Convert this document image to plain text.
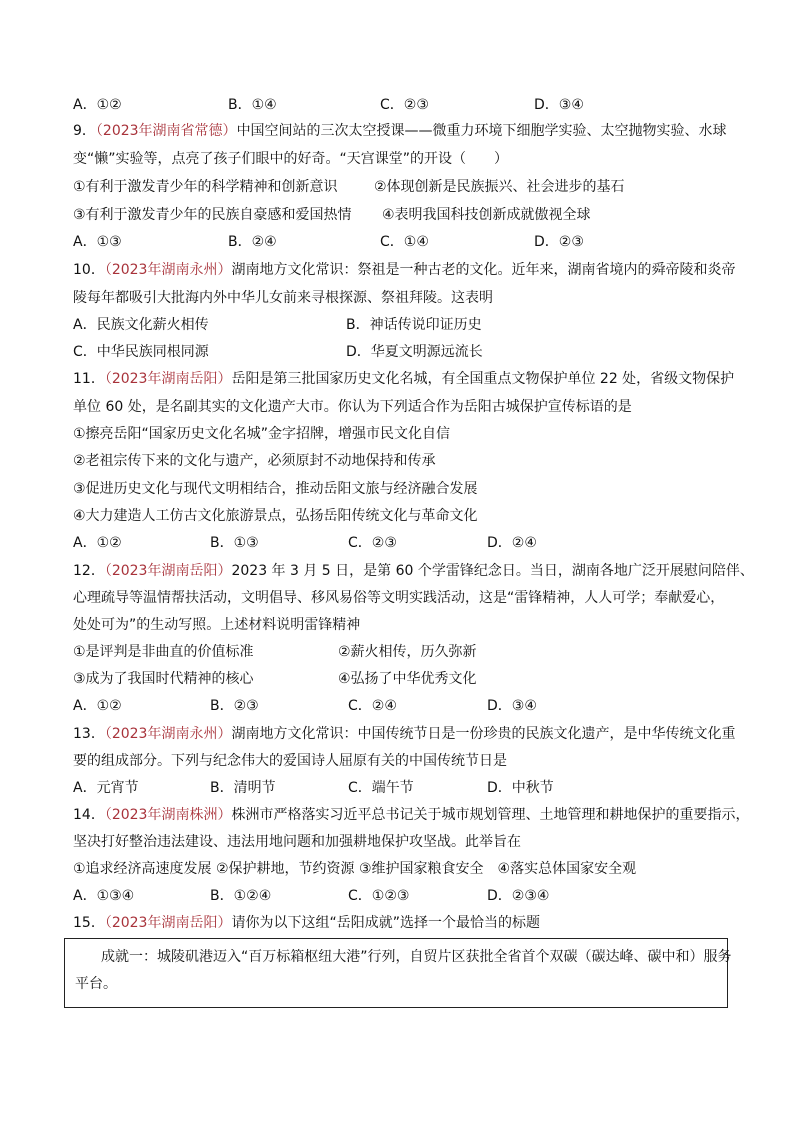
A．①②	B．①④	C．②③	D．③④
9．（2023年湖南省常德）中国空间站的三次太空授课——微重力环境下细胞学实验、太空抛物实验、水球
变“懒”实验等，点亮了孩子们眼中的好奇。“天宫课堂”的开设（　　）
①有利于激发青少年的科学精神和创新意识	②体现创新是民族振兴、社会进步的基石
③有利于激发青少年的民族自豪感和爱国热情 ④表明我国科技创新成就傲视全球
A．①③	B．②④	C．①④	D．②③
10．（2023年湖南永州）湖南地方文化常识：祭祖是一种古老的文化。近年来，湖南省境内的舜帝陵和炎帝
陵每年都吸引大批海内外中华儿女前来寻根探源、祭祖拜陵。这表明
A．民族文化薪火相传	B．神话传说印证历史
C．中华民族同根同源	D．华夏文明源远流长
11．（2023年湖南岳阳）岳阳是第三批国家历史文化名城，有全国重点文物保护单位 22 处，省级文物保护
单位 60 处，是名副其实的文化遗产大市。你认为下列适合作为岳阳古城保护宣传标语的是
①擦亮岳阳“国家历史文化名城”金字招牌，增强市民文化自信
②老祖宗传下来的文化与遗产，必须原封不动地保持和传承
③促进历史文化与现代文明相结合，推动岳阳文旅与经济融合发展
④大力建造人工仿古文化旅游景点，弘扬岳阳传统文化与革命文化
A．①②	B．①③	C．②③	D．②④
12．（2023年湖南岳阳）2023 年 3 月 5 日，是第 60 个学雷锋纪念日。当日，湖南各地广泛开展慰问陪伴、
心理疏导等温情帮扶活动，文明倡导、移风易俗等文明实践活动，这是“雷锋精神，人人可学；奉献爱心，
处处可为”的生动写照。上述材料说明雷锋精神
①是评判是非曲直的价值标准	②薪火相传，历久弥新
③成为了我国时代精神的核心	④弘扬了中华优秀文化
A．①②	B．②③	C．②④	D．③④
13．（2023年湖南永州）湖南地方文化常识：中国传统节日是一份珍贵的民族文化遗产，是中华传统文化重
要的组成部分。下列与纪念伟大的爱国诗人屈原有关的中国传统节日是
A．元宵节	B．清明节	C．端午节	D．中秋节
14．（2023年湖南株洲）株洲市严格落实习近平总书记关于城市规划管理、土地管理和耕地保护的重要指示，
坚决打好整治违法建设、违法用地问题和加强耕地保护攻坚战。此举旨在
①追求经济高速度发展 ②保护耕地，节约资源 ③维护国家粮食安全　④落实总体国家安全观
A．①③④	B．①②④	C．①②③	D．②③④
15．（2023年湖南岳阳）请你为以下这组“岳阳成就”选择一个最恰当的标题
成就一：城陵矶港迈入“百万标箱枢纽大港”行列，自贸片区获批全省首个双碳（碳达峰、碳中和）服务
平台。
